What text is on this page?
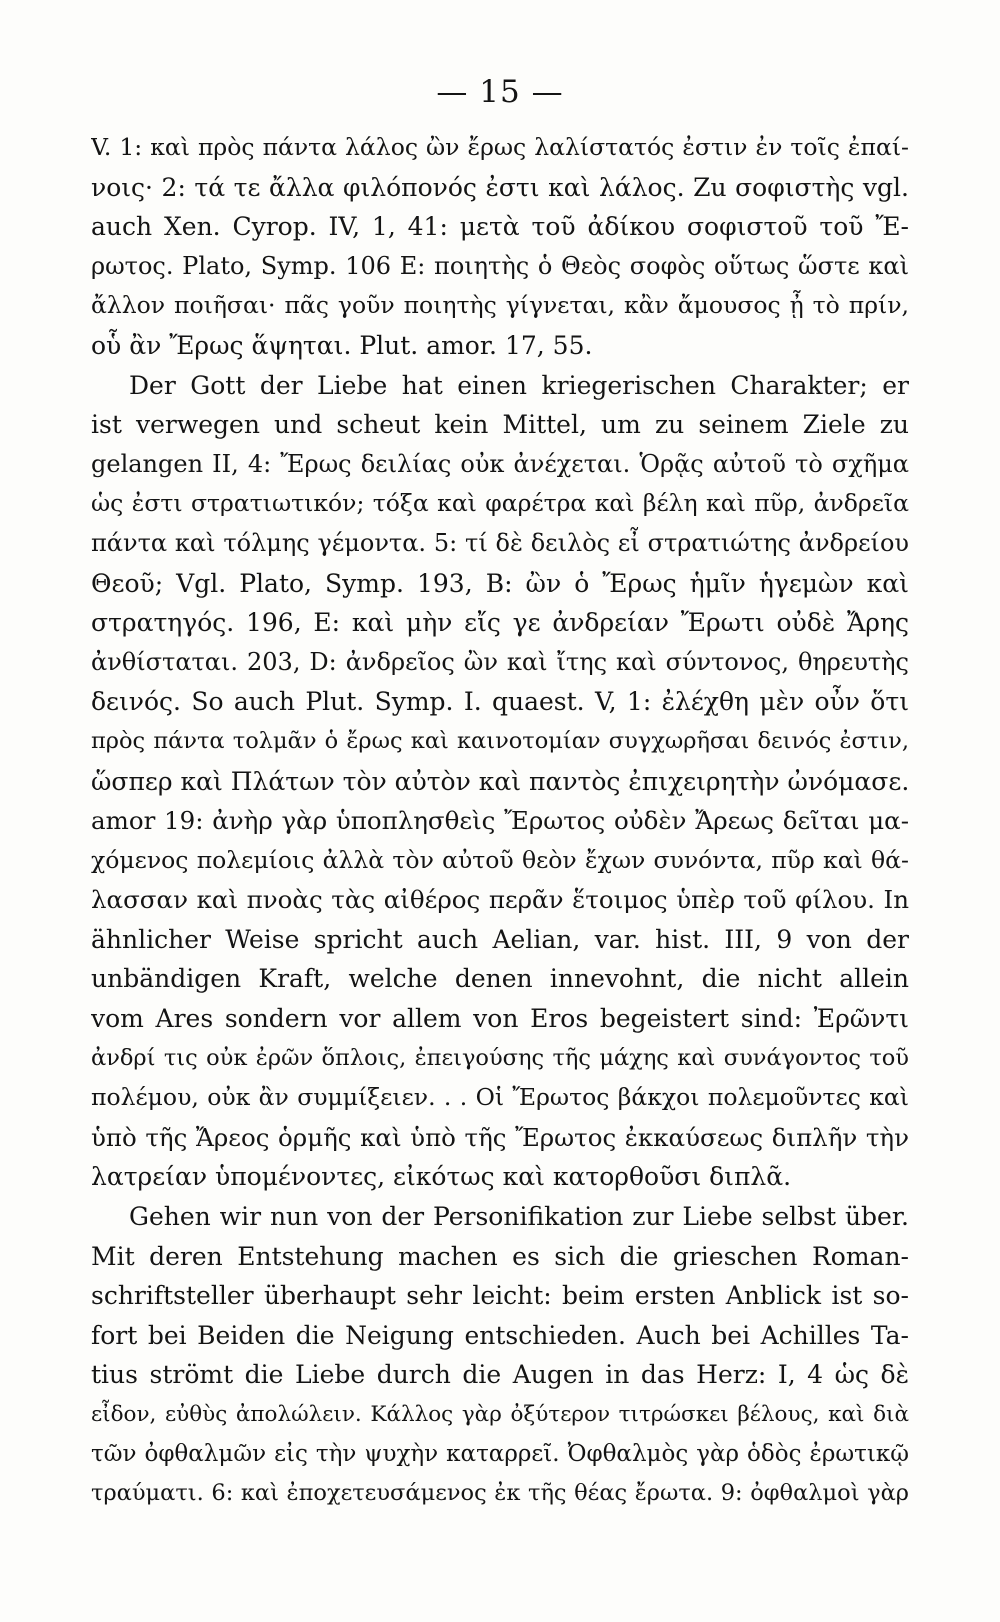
— 15 —
V. 1: καὶ πρὸς πάντα λάλος ὢν ἔρως λαλίστατός ἐστιν ἐν τοῖς ἐπαί-
νοις· 2: τά τε ἄλλα φιλόπονός ἐστι καὶ λάλος. Zu σοφιστὴς vgl.
auch Xen. Cyrop. IV, 1, 41: μετὰ τοῦ ἀδίκου σοφιστοῦ τοῦ Ἔ-
ρωτος. Plato, Symp. 106 E: ποιητὴς ὁ Θεὸς σοφὸς οὕτως ὥστε καὶ
ἄλλον ποιῆσαι· πᾶς γοῦν ποιητὴς γίγνεται, κἂν ἄμουσος ᾖ τὸ πρίν,
οὗ ἂν Ἔρως ἅψηται. Plut. amor. 17, 55.
Der Gott der Liebe hat einen kriegerischen Charakter; er
ist verwegen und scheut kein Mittel, um zu seinem Ziele zu
gelangen II, 4: Ἔρως δειλίας οὐκ ἀνέχεται. Ὁρᾷς αὐτοῦ τὸ σχῆμα
ὡς ἐστι στρατιωτικόν; τόξα καὶ φαρέτρα καὶ βέλη καὶ πῦρ, ἀνδρεῖα
πάντα καὶ τόλμης γέμοντα. 5: τί δὲ δειλὸς εἶ στρατιώτης ἀνδρείου
Θεοῦ; Vgl. Plato, Symp. 193, B: ὢν ὁ Ἔρως ἡμῖν ἡγεμὼν καὶ
στρατηγός. 196, E: καὶ μὴν εἴς γε ἀνδρείαν Ἔρωτι οὐδὲ Ἄρης
ἀνθίσταται. 203, D: ἀνδρεῖος ὢν καὶ ἴτης καὶ σύντονος, θηρευτὴς
δεινός. So auch Plut. Symp. I. quaest. V, 1: ἐλέχθη μὲν οὖν ὅτι
πρὸς πάντα τολμᾶν ὁ ἔρως καὶ καινοτομίαν συγχωρῆσαι δεινός ἐστιν,
ὥσπερ καὶ Πλάτων τὸν αὐτὸν καὶ παντὸς ἐπιχειρητὴν ὠνόμασε.
amor 19: ἀνὴρ γὰρ ὑποπλησθεὶς Ἔρωτος οὐδὲν Ἄρεως δεῖται μα-
χόμενος πολεμίοις ἀλλὰ τὸν αὐτοῦ θεὸν ἔχων συνόντα, πῦρ καὶ θά-
λασσαν καὶ πνοὰς τὰς αἰθέρος περᾶν ἕτοιμος ὑπὲρ τοῦ φίλου. In
ähnlicher Weise spricht auch Aelian, var. hist. III, 9 von der
unbändigen Kraft, welche denen innevohnt, die nicht allein
vom Ares sondern vor allem von Eros begeistert sind: Ἐρῶντι
ἀνδρί τις οὐκ ἐρῶν ὅπλοις, ἐπειγούσης τῆς μάχης καὶ συνάγοντος τοῦ
πολέμου, οὐκ ἂν συμμίξειεν. . . Οἱ Ἔρωτος βάκχοι πολεμοῦντες καὶ
ὑπὸ τῆς Ἄρεος ὁρμῆς καὶ ὑπὸ τῆς Ἔρωτος ἐκκαύσεως διπλῆν τὴν
λατρείαν ὑπομένοντες, εἰκότως καὶ κατορθοῦσι διπλᾶ.
Gehen wir nun von der Personifikation zur Liebe selbst über.
Mit deren Entstehung machen es sich die grieschen Roman-
schriftsteller überhaupt sehr leicht: beim ersten Anblick ist so-
fort bei Beiden die Neigung entschieden. Auch bei Achilles Ta-
tius strömt die Liebe durch die Augen in das Herz: I, 4 ὡς δὲ
εἶδον, εὐθὺς ἀπολώλειν. Κάλλος γὰρ ὀξύτερον τιτρώσκει βέλους, καὶ διὰ
τῶν ὀφθαλμῶν εἰς τὴν ψυχὴν καταρρεῖ. Ὀφθαλμὸς γὰρ ὁδὸς ἐρωτικῷ
τραύματι. 6: καὶ ἐποχετευσάμενος ἐκ τῆς θέας ἔρωτα. 9: ὀφθαλμοὶ γὰρ
